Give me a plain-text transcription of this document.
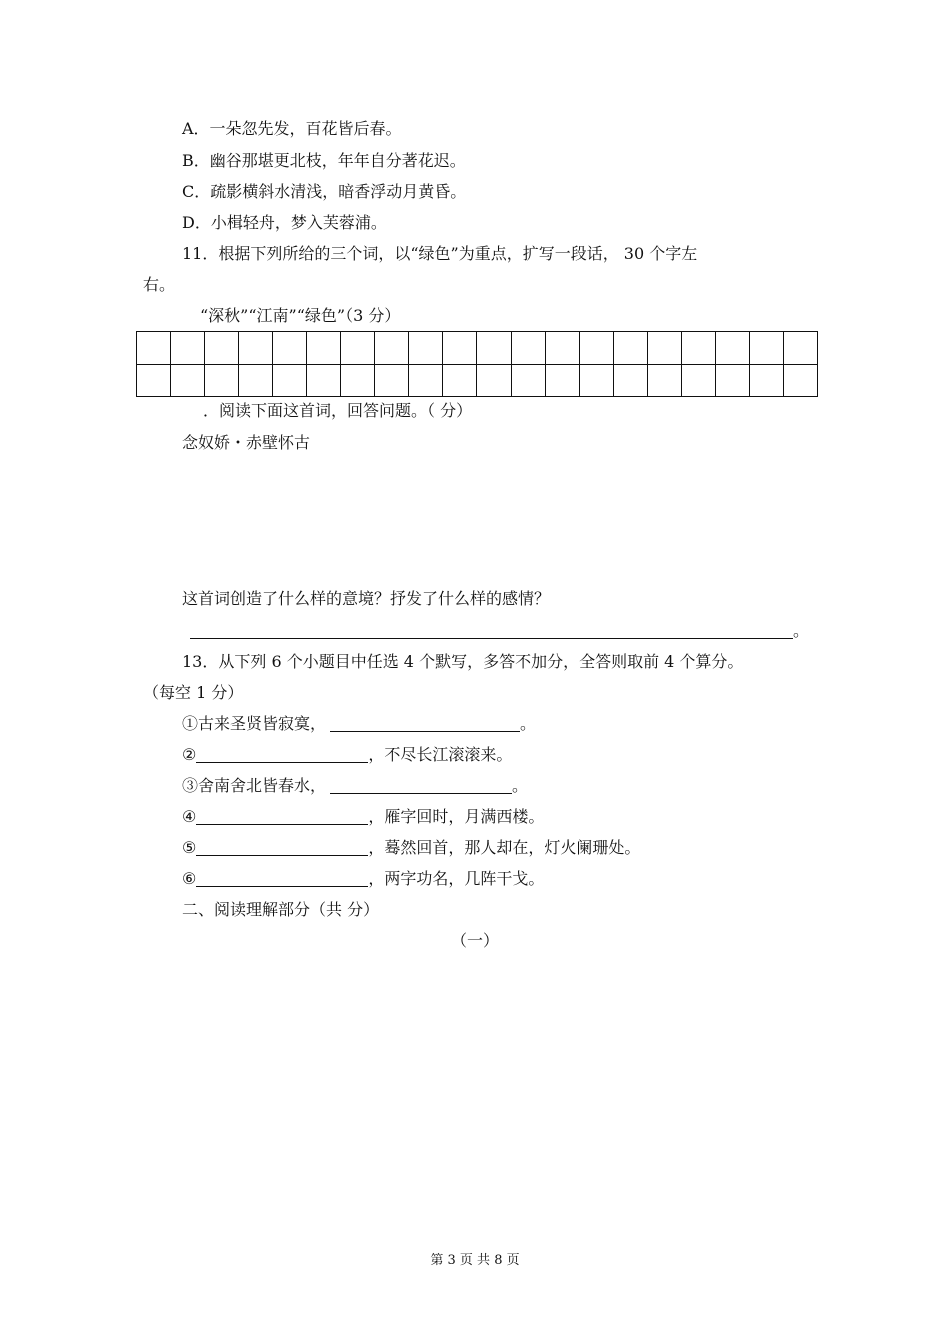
A．一朵忽先发，百花皆后春。
B．幽谷那堪更北枝，年年自分著花迟。
C．疏影横斜水清浅，暗香浮动月黄昏。
D．小楫轻舟，梦入芙蓉浦。
11．根据下列所给的三个词，以“绿色”为重点，扩写一段话， 30 个字左
右。
“深秋”“江南”“绿色”（3 分）

．阅读下面这首词，回答问题。（ 分）
念奴娇・赤壁怀古
这首词创造了什么样的意境？抒发了什么样的感情？
。
13．从下列 6 个小题目中任选 4 个默写，多答不加分，全答则取前 4 个算分。
（每空 1 分）
①古来圣贤皆寂寞，	。
②	，不尽长江滚滚来。
③舍南舍北皆春水，	。
④	，雁字回时，月满西楼。
⑤	，蓦然回首，那人却在，灯火阑珊处。
⑥	，两字功名，几阵干戈。
二、阅读理解部分（共 分）
（一）
第 3 页 共 8 页
